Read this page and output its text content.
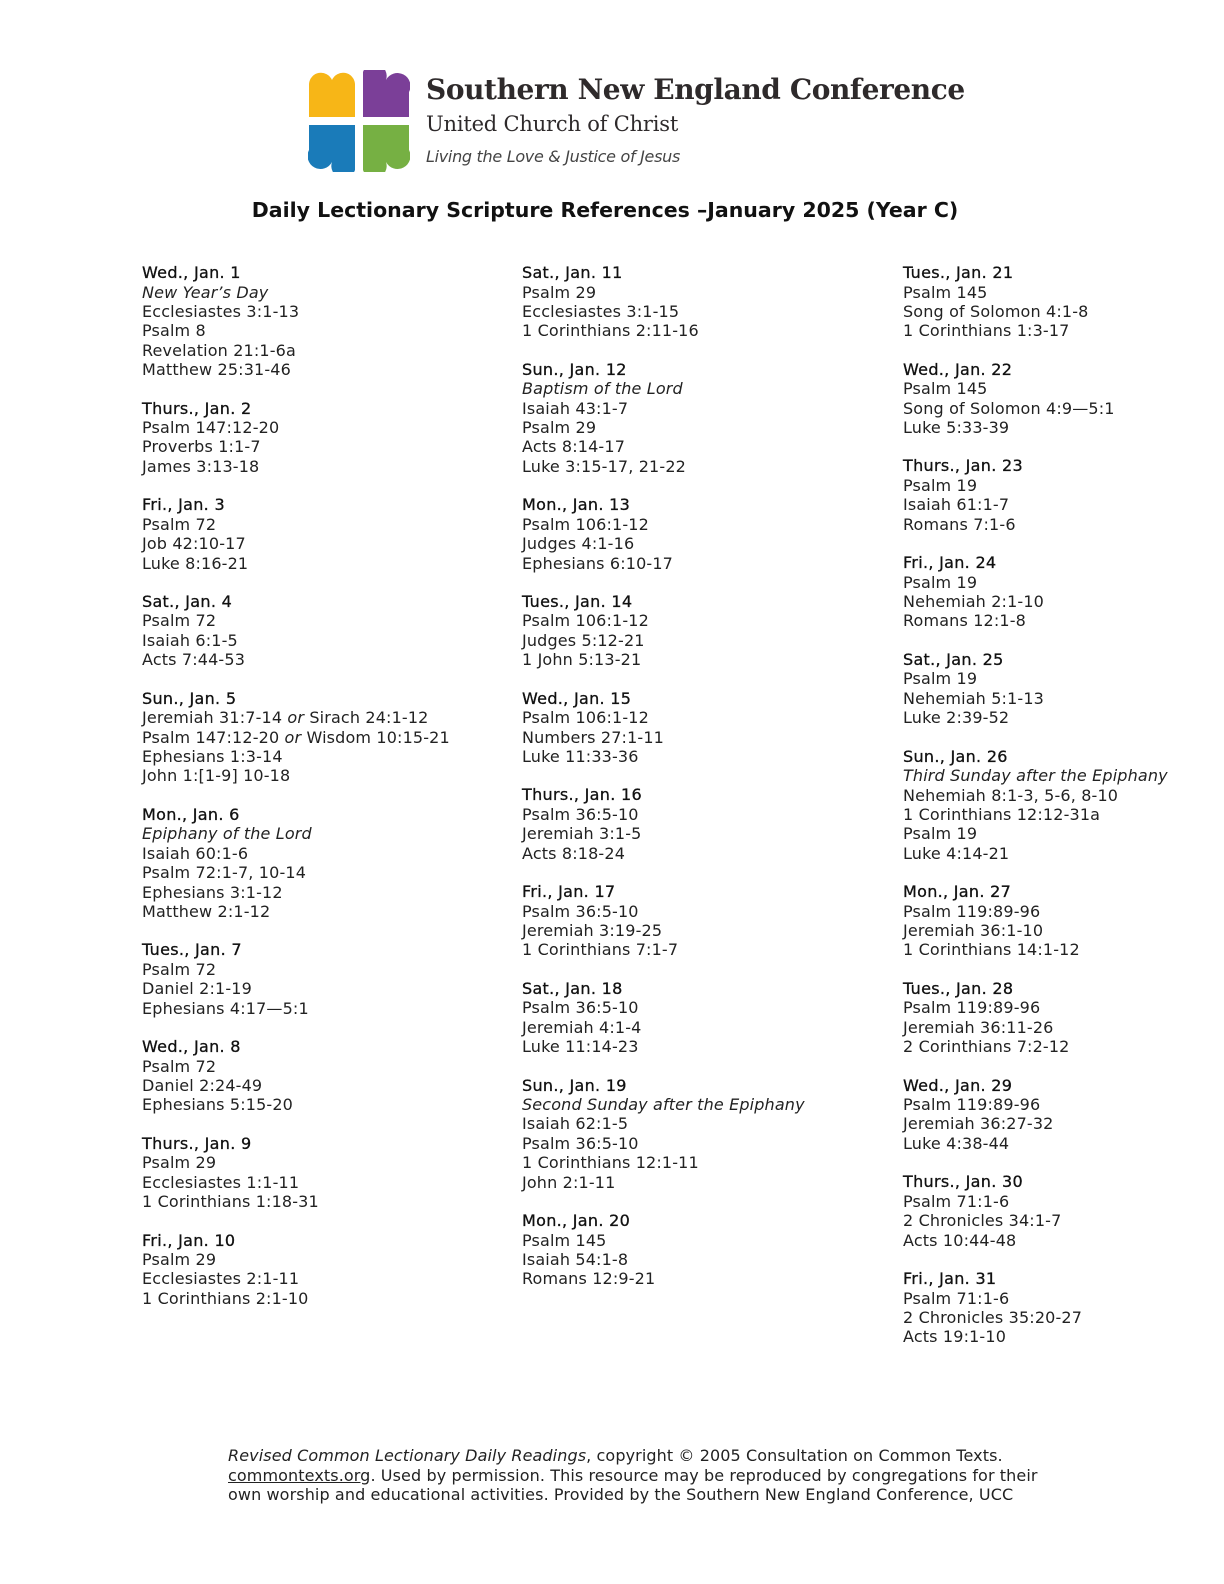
Southern New England Conference
United Church of Christ
Living the Love & Justice of Jesus
Daily Lectionary Scripture References –January 2025 (Year C)
Wed., Jan. 1
New Year’s Day
Ecclesiastes 3:1-13
Psalm 8
Revelation 21:1-6a
Matthew 25:31-46
Thurs., Jan. 2
Psalm 147:12-20
Proverbs 1:1-7
James 3:13-18
Fri., Jan. 3
Psalm 72
Job 42:10-17
Luke 8:16-21
Sat., Jan. 4
Psalm 72
Isaiah 6:1-5
Acts 7:44-53
Sun., Jan. 5
Jeremiah 31:7-14 or Sirach 24:1-12
Psalm 147:12-20 or Wisdom 10:15-21
Ephesians 1:3-14
John 1:[1-9] 10-18
Mon., Jan. 6
Epiphany of the Lord
Isaiah 60:1-6
Psalm 72:1-7, 10-14
Ephesians 3:1-12
Matthew 2:1-12
Tues., Jan. 7
Psalm 72
Daniel 2:1-19
Ephesians 4:17—5:1
Wed., Jan. 8
Psalm 72
Daniel 2:24-49
Ephesians 5:15-20
Thurs., Jan. 9
Psalm 29
Ecclesiastes 1:1-11
1 Corinthians 1:18-31
Fri., Jan. 10
Psalm 29
Ecclesiastes 2:1-11
1 Corinthians 2:1-10
Sat., Jan. 11
Psalm 29
Ecclesiastes 3:1-15
1 Corinthians 2:11-16
Sun., Jan. 12
Baptism of the Lord
Isaiah 43:1-7
Psalm 29
Acts 8:14-17
Luke 3:15-17, 21-22
Mon., Jan. 13
Psalm 106:1-12
Judges 4:1-16
Ephesians 6:10-17
Tues., Jan. 14
Psalm 106:1-12
Judges 5:12-21
1 John 5:13-21
Wed., Jan. 15
Psalm 106:1-12
Numbers 27:1-11
Luke 11:33-36
Thurs., Jan. 16
Psalm 36:5-10
Jeremiah 3:1-5
Acts 8:18-24
Fri., Jan. 17
Psalm 36:5-10
Jeremiah 3:19-25
1 Corinthians 7:1-7
Sat., Jan. 18
Psalm 36:5-10
Jeremiah 4:1-4
Luke 11:14-23
Sun., Jan. 19
Second Sunday after the Epiphany
Isaiah 62:1-5
Psalm 36:5-10
1 Corinthians 12:1-11
John 2:1-11
Mon., Jan. 20
Psalm 145
Isaiah 54:1-8
Romans 12:9-21
Tues., Jan. 21
Psalm 145
Song of Solomon 4:1-8
1 Corinthians 1:3-17
Wed., Jan. 22
Psalm 145
Song of Solomon 4:9—5:1
Luke 5:33-39
Thurs., Jan. 23
Psalm 19
Isaiah 61:1-7
Romans 7:1-6
Fri., Jan. 24
Psalm 19
Nehemiah 2:1-10
Romans 12:1-8
Sat., Jan. 25
Psalm 19
Nehemiah 5:1-13
Luke 2:39-52
Sun., Jan. 26
Third Sunday after the Epiphany
Nehemiah 8:1-3, 5-6, 8-10
1 Corinthians 12:12-31a
Psalm 19
Luke 4:14-21
Mon., Jan. 27
Psalm 119:89-96
Jeremiah 36:1-10
1 Corinthians 14:1-12
Tues., Jan. 28
Psalm 119:89-96
Jeremiah 36:11-26
2 Corinthians 7:2-12
Wed., Jan. 29
Psalm 119:89-96
Jeremiah 36:27-32
Luke 4:38-44
Thurs., Jan. 30
Psalm 71:1-6
2 Chronicles 34:1-7
Acts 10:44-48
Fri., Jan. 31
Psalm 71:1-6
2 Chronicles 35:20-27
Acts 19:1-10
Revised Common Lectionary Daily Readings, copyright © 2005 Consultation on Common Texts.
commontexts.org. Used by permission. This resource may be reproduced by congregations for their own worship and educational activities. Provided by the Southern New England Conference, UCC
